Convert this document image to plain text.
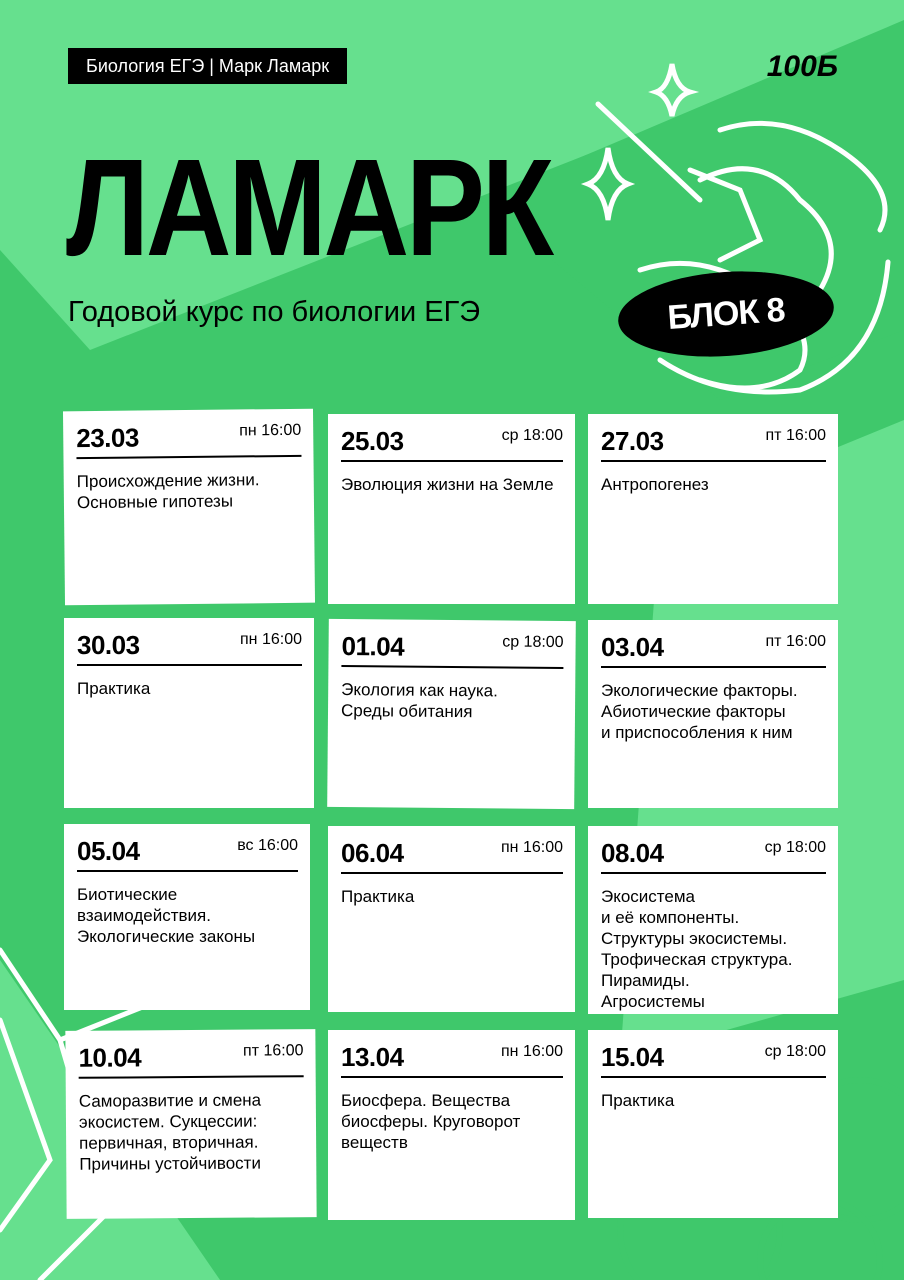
Биология ЕГЭ | Марк Ламарк	100Б
ЛАМАРК
Годовой курс по биологии ЕГЭ	БЛОК 8
23.03	пн 16:00
Происхождение жизни.
Основные гипотезы
25.03	ср 18:00
Эволюция жизни на Земле
27.03	пт 16:00
Антропогенез
30.03	пн 16:00
Практика
01.04	ср 18:00
Экология как наука.
Среды обитания
03.04	пт 16:00
Экологические факторы.
Абиотические факторы
и приспособления к ним
05.04	вс 16:00
Биотические
взаимодействия.
Экологические законы
06.04	пн 16:00
Практика
08.04	ср 18:00
Экосистема
и её компоненты.
Структуры экосистемы.
Трофическая структура.
Пирамиды.
Агросистемы
10.04	пт 16:00
Саморазвитие и смена
экосистем. Сукцессии:
первичная, вторичная.
Причины устойчивости
13.04	пн 16:00
Биосфера. Вещества
биосферы. Круговорот
веществ
15.04	ср 18:00
Практика
